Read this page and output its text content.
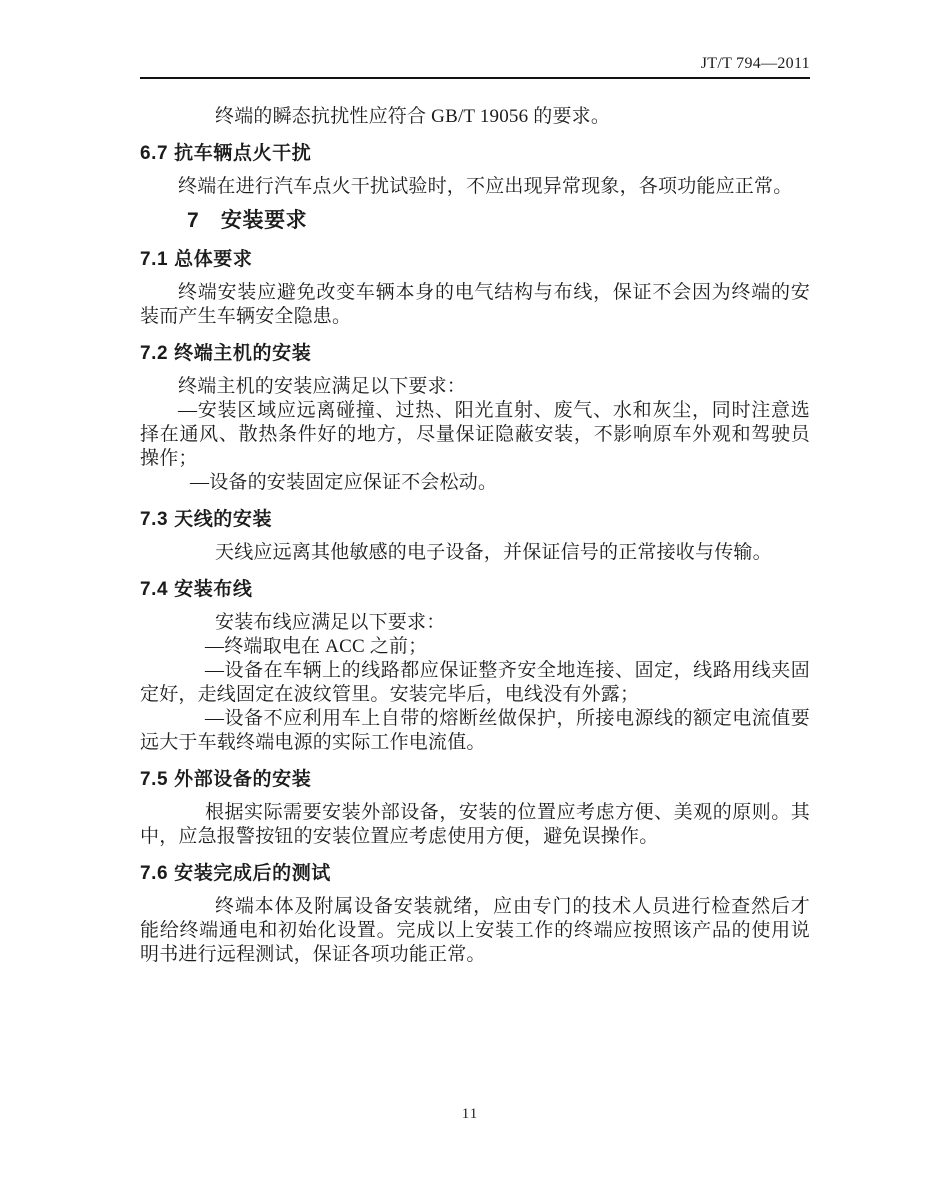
JT/T 794—2011

终端的瞬态抗扰性应符合 GB/T 19056 的要求。

6.7 抗车辆点火干扰

终端在进行汽车点火干扰试验时，不应出现异常现象，各项功能应正常。

7　安装要求
7.1 总体要求

终端安装应避免改变车辆本身的电气结构与布线，保证不会因为终端的安装而产生车辆安全隐患。

7.2 终端主机的安装

终端主机的安装应满足以下要求：

—安装区域应远离碰撞、过热、阳光直射、废气、水和灰尘，同时注意选择在通风、散热条件好的地方，尽量保证隐蔽安装，不影响原车外观和驾驶员操作；

—设备的安装固定应保证不会松动。

7.3 天线的安装

天线应远离其他敏感的电子设备，并保证信号的正常接收与传输。

7.4 安装布线

安装布线应满足以下要求：

—终端取电在 ACC 之前；

—设备在车辆上的线路都应保证整齐安全地连接、固定，线路用线夹固定好，走线固定在波纹管里。安装完毕后，电线没有外露；

—设备不应利用车上自带的熔断丝做保护，所接电源线的额定电流值要远大于车载终端电源的实际工作电流值。

7.5 外部设备的安装

根据实际需要安装外部设备，安装的位置应考虑方便、美观的原则。其中，应急报警按钮的安装位置应考虑使用方便，避免误操作。

7.6 安装完成后的测试

终端本体及附属设备安装就绪，应由专门的技术人员进行检查然后才能给终端通电和初始化设置。完成以上安装工作的终端应按照该产品的使用说明书进行远程测试，保证各项功能正常。

11
